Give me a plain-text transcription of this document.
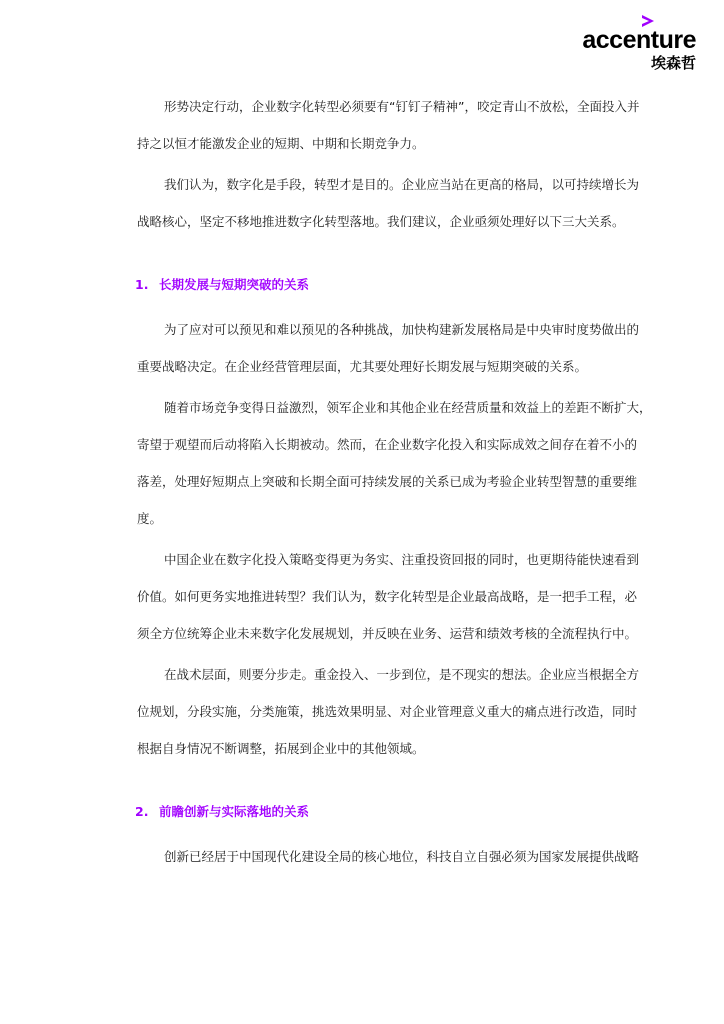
accenture
埃森哲
形势决定行动，企业数字化转型必须要有“钉钉子精神”，咬定青山不放松，全面投入并
持之以恒才能激发企业的短期、中期和长期竞争力。
我们认为，数字化是手段，转型才是目的。企业应当站在更高的格局，以可持续增长为
战略核心，坚定不移地推进数字化转型落地。我们建议，企业亟须处理好以下三大关系。
1. 长期发展与短期突破的关系
为了应对可以预见和难以预见的各种挑战，加快构建新发展格局是中央审时度势做出的
重要战略决定。在企业经营管理层面，尤其要处理好长期发展与短期突破的关系。
随着市场竞争变得日益激烈，领军企业和其他企业在经营质量和效益上的差距不断扩大，
寄望于观望而后动将陷入长期被动。然而，在企业数字化投入和实际成效之间存在着不小的
落差，处理好短期点上突破和长期全面可持续发展的关系已成为考验企业转型智慧的重要维
度。
中国企业在数字化投入策略变得更为务实、注重投资回报的同时，也更期待能快速看到
价值。如何更务实地推进转型？我们认为，数字化转型是企业最高战略，是一把手工程，必
须全方位统筹企业未来数字化发展规划，并反映在业务、运营和绩效考核的全流程执行中。
在战术层面，则要分步走。重金投入、一步到位，是不现实的想法。企业应当根据全方
位规划，分段实施，分类施策，挑选效果明显、对企业管理意义重大的痛点进行改造，同时
根据自身情况不断调整，拓展到企业中的其他领域。
2. 前瞻创新与实际落地的关系
创新已经居于中国现代化建设全局的核心地位，科技自立自强必须为国家发展提供战略
